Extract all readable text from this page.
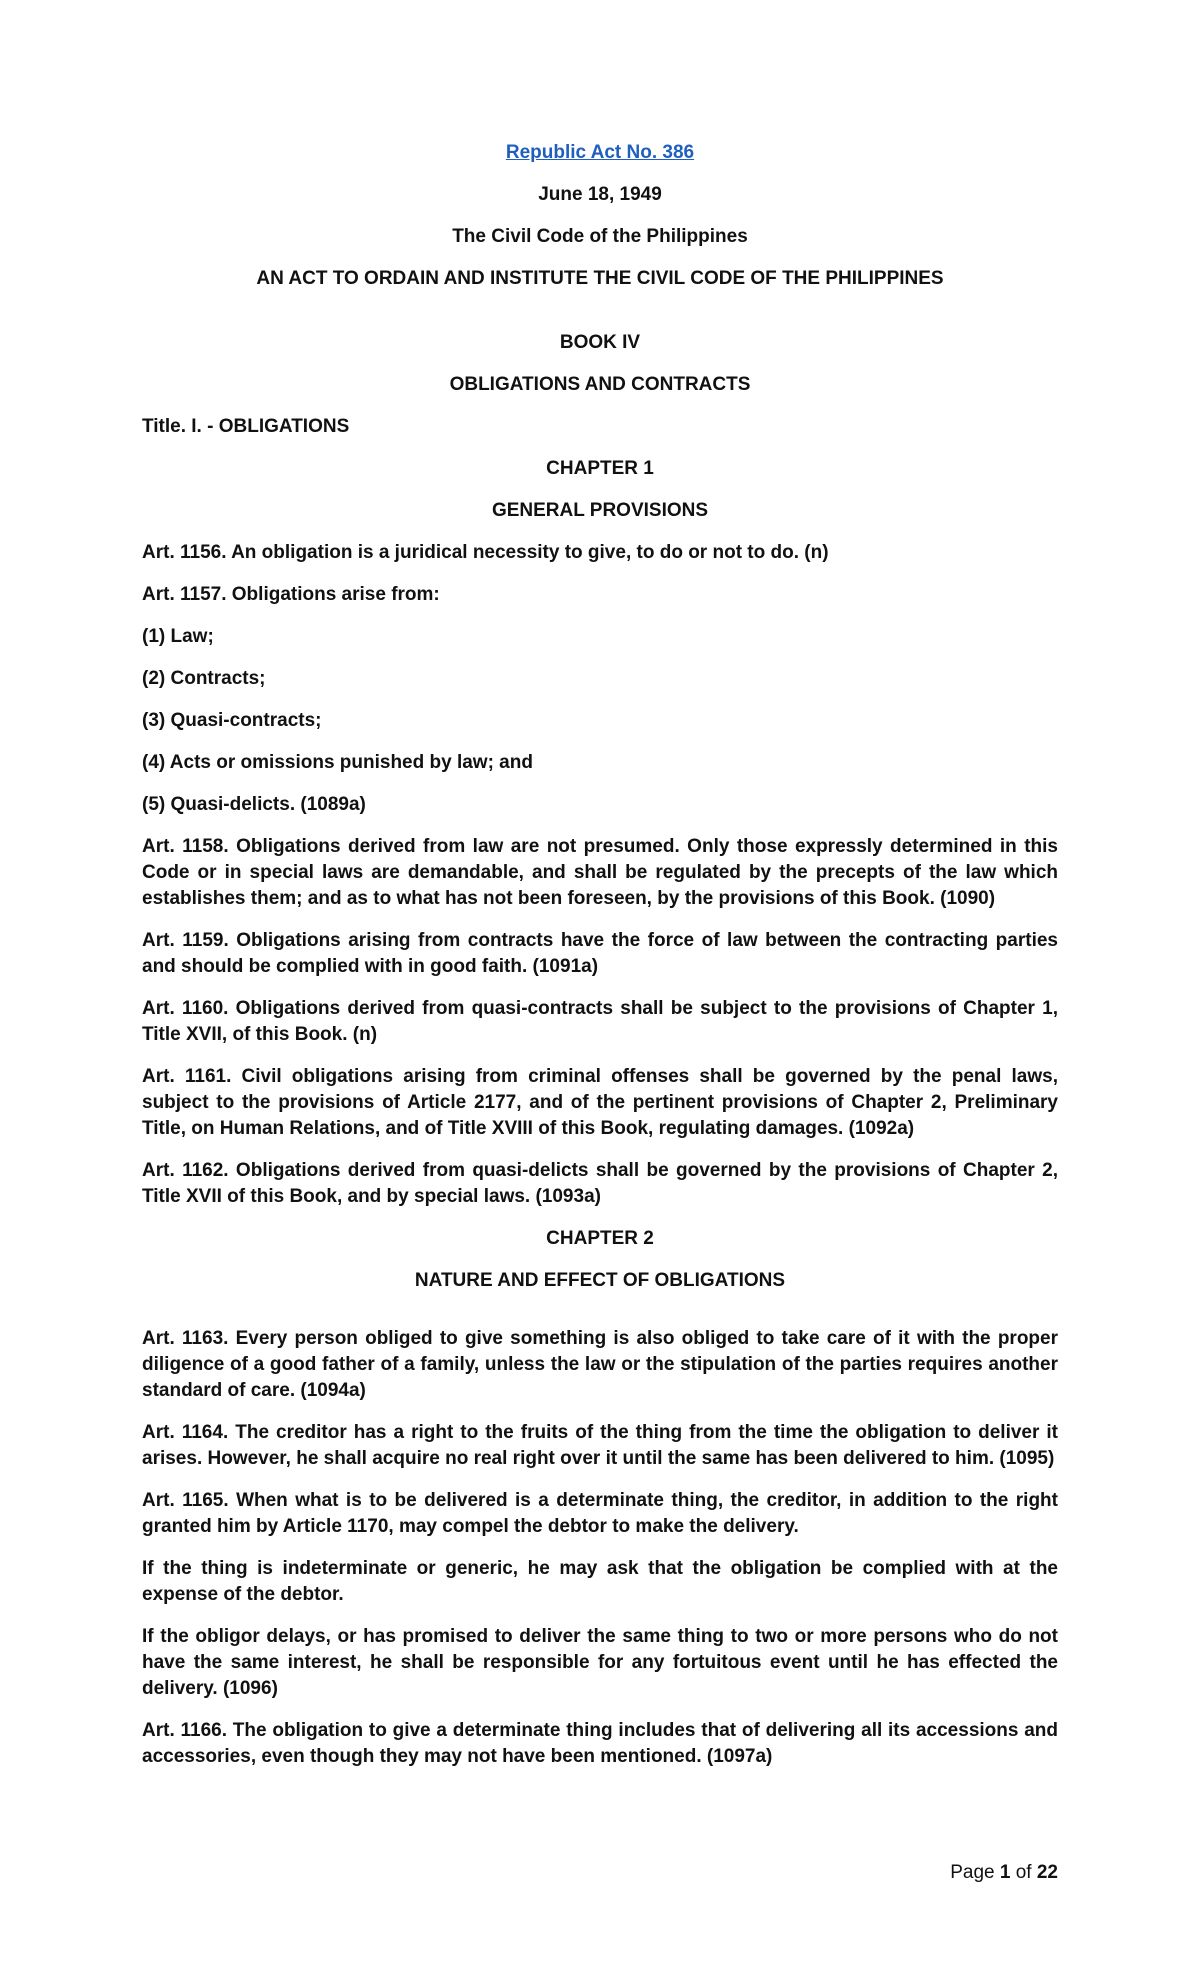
Republic Act No. 386

June 18, 1949

The Civil Code of the Philippines

AN ACT TO ORDAIN AND INSTITUTE THE CIVIL CODE OF THE PHILIPPINES

BOOK IV

OBLIGATIONS AND CONTRACTS

Title. I. - OBLIGATIONS

CHAPTER 1

GENERAL PROVISIONS

Art. 1156. An obligation is a juridical necessity to give, to do or not to do. (n)

Art. 1157. Obligations arise from:

(1) Law;

(2) Contracts;

(3) Quasi-contracts;

(4) Acts or omissions punished by law; and

(5) Quasi-delicts. (1089a)

Art. 1158. Obligations derived from law are not presumed. Only those expressly determined in this Code or in special laws are demandable, and shall be regulated by the precepts of the law which establishes them; and as to what has not been foreseen, by the provisions of this Book. (1090)

Art. 1159. Obligations arising from contracts have the force of law between the contracting parties and should be complied with in good faith. (1091a)

Art. 1160. Obligations derived from quasi-contracts shall be subject to the provisions of Chapter 1, Title XVII, of this Book. (n)

Art. 1161. Civil obligations arising from criminal offenses shall be governed by the penal laws, subject to the provisions of Article 2177, and of the pertinent provisions of Chapter 2, Preliminary Title, on Human Relations, and of Title XVIII of this Book, regulating damages. (1092a)

Art. 1162. Obligations derived from quasi-delicts shall be governed by the provisions of Chapter 2, Title XVII of this Book, and by special laws. (1093a)

CHAPTER 2

NATURE AND EFFECT OF OBLIGATIONS

Art. 1163. Every person obliged to give something is also obliged to take care of it with the proper diligence of a good father of a family, unless the law or the stipulation of the parties requires another standard of care. (1094a)

Art. 1164. The creditor has a right to the fruits of the thing from the time the obligation to deliver it arises. However, he shall acquire no real right over it until the same has been delivered to him. (1095)

Art. 1165. When what is to be delivered is a determinate thing, the creditor, in addition to the right granted him by Article 1170, may compel the debtor to make the delivery.

If the thing is indeterminate or generic, he may ask that the obligation be complied with at the expense of the debtor.

If the obligor delays, or has promised to deliver the same thing to two or more persons who do not have the same interest, he shall be responsible for any fortuitous event until he has effected the delivery. (1096)

Art. 1166. The obligation to give a determinate thing includes that of delivering all its accessions and accessories, even though they may not have been mentioned. (1097a)

Page 1 of 22
